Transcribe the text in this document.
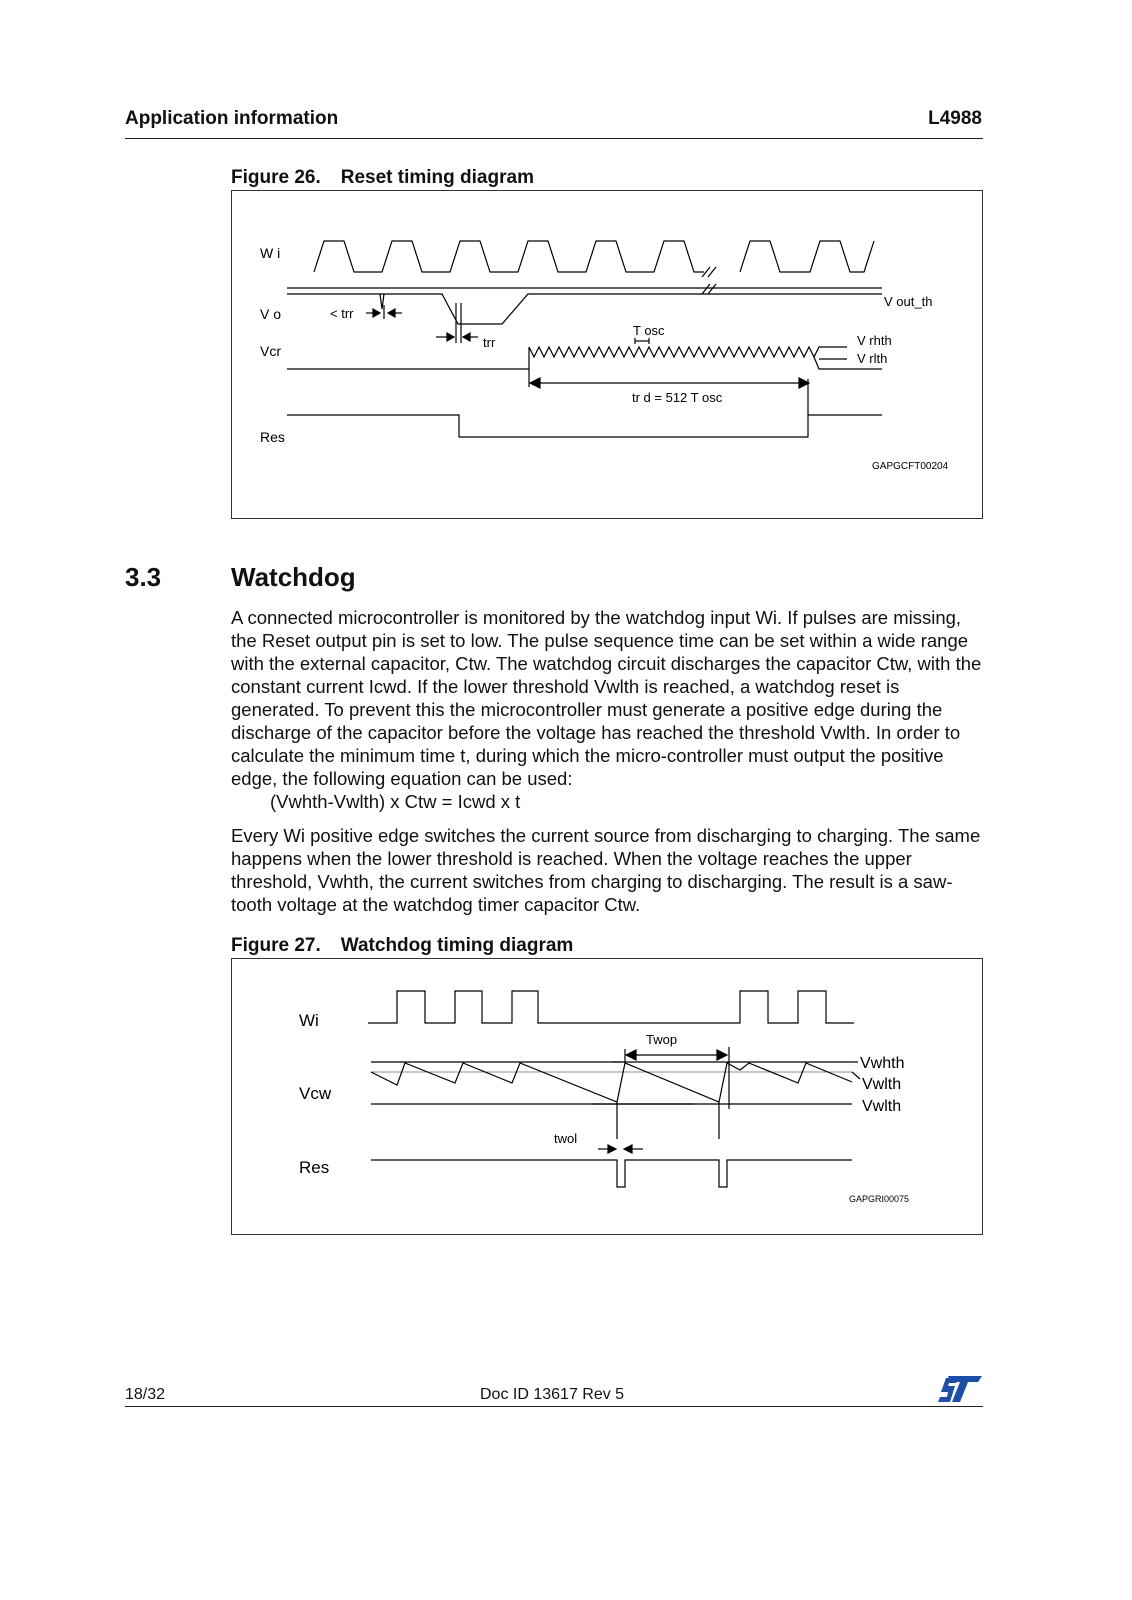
Application information	L4988
Figure 26. Reset timing diagram
W i
V o
Vcr
Res
< trr
trr
T osc
V out_th
V rhth
V rlth
tr d = 512 T osc
GAPGCFT00204
3.3	Watchdog
A connected microcontroller is monitored by the watchdog input Wi. If pulses are missing, the Reset output pin is set to low. The pulse sequence time can be set within a wide range with the external capacitor, Ctw. The watchdog circuit discharges the capacitor Ctw, with the constant current Icwd. If the lower threshold Vwlth is reached, a watchdog reset is generated. To prevent this the microcontroller must generate a positive edge during the discharge of the capacitor before the voltage has reached the threshold Vwlth. In order to calculate the minimum time t, during which the micro-controller must output the positive edge, the following equation can be used:
(Vwhth-Vwlth) x Ctw = Icwd x t
Every Wi positive edge switches the current source from discharging to charging. The same happens when the lower threshold is reached. When the voltage reaches the upper threshold, Vwhth, the current switches from charging to discharging. The result is a saw-tooth voltage at the watchdog timer capacitor Ctw.
Figure 27. Watchdog timing diagram
Wi
Vcw
Res
Twop
Vwhth
Vwlth
Vwlth
twol
GAPGRI00075
18/32	Doc ID 13617 Rev 5
